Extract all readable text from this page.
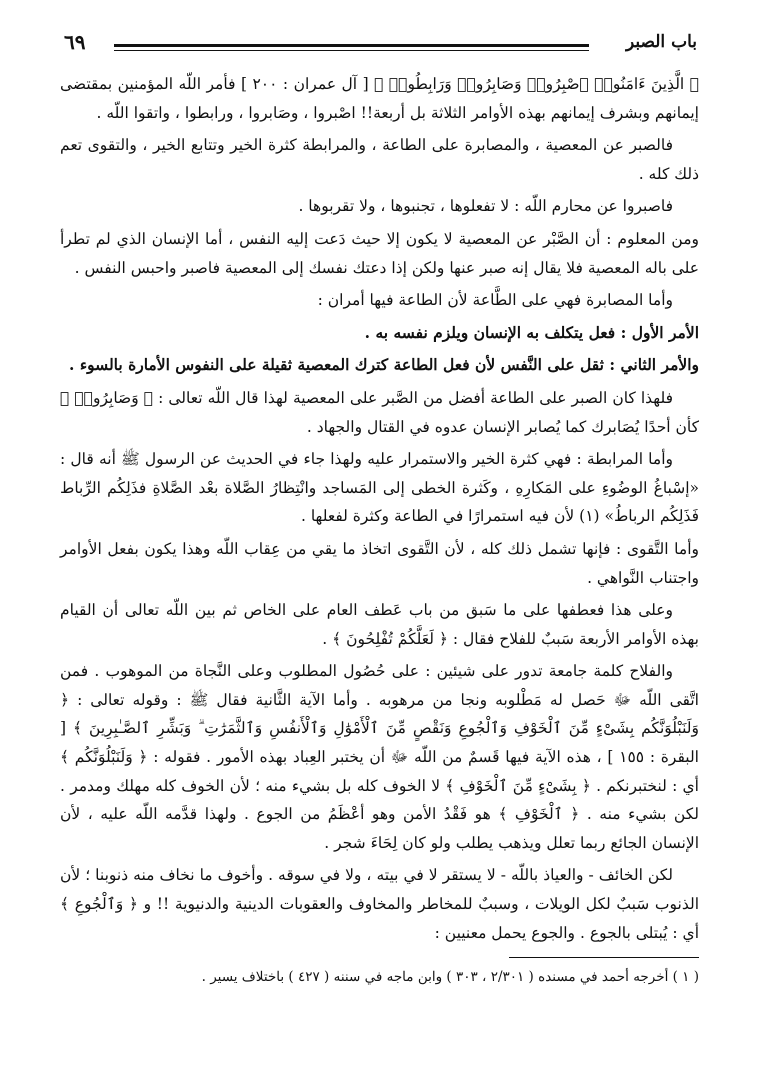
باب الصبر
٦٩

﴿ الَّذِينَ ءَامَنُوا۟ ٱصْبِرُوا۟ وَصَابِرُوا۟ وَرَابِطُوا۟ ﴾ [ آل عمران : ٢٠٠ ] فأمر اللّه المؤمنين بمقتضى إيمانهم وبشرف إيمانهم بهذه الأوامر الثلاثة بل أربعة!! اصْبروا ، وصَابروا ، ورابطوا ، واتقوا اللّه .

فالصبر عن المعصية ، والمصابرة على الطاعة ، والمرابطة كثرة الخير وتتابع الخير ، والتقوى تعم ذلك كله .

فاصبروا عن محارم اللّه : لا تفعلوها ، تجنبوها ، ولا تقربوها .

ومن المعلوم : أن الصَّبْر عن المعصية لا يكون إلا حيث دَعت إليه النفس ، أما الإنسان الذي لم تطرأ على باله المعصية فلا يقال إنه صبر عنها ولكن إذا دعتك نفسك إلى المعصية فاصبر واحبس النفس .

وأما المصابرة فهي على الطَّاعة لأن الطاعة فيها أمران :

الأمر الأول : فعل يتكلف به الإنسان ويلزم نفسه به .

والأمر الثاني : ثقل على النَّفس لأن فعل الطاعة كترك المعصية ثقيلة على النفوس الأمارة بالسوء .

فلهذا كان الصبر على الطاعة أفضل من الصَّبر على المعصية لهذا قال اللّه تعالى : ﴿ وَصَابِرُوا۟ ﴾ كأن أحدًا يُصَابرك كما يُصابر الإنسان عدوه في القتال والجهاد .

وأما المرابطة : فهي كثرة الخير والاستمرار عليه ولهذا جاء في الحديث عن الرسول ﷺ أنه قال : «إسْباغُ الوضُوءِ على المَكارِهِ ، وكَثرة الخطى إلى المَساجد وانْتِظارُ الصَّلاة بعْد الصَّلاةِ فذَلِكُم الرِّباط فَذَلِكُم الرباطُ» (١) لأن فيه استمرارًا في الطاعة وكثرة لفعلها .

وأما التَّقوى : فإنها تشمل ذلك كله ، لأن التَّقوى اتخاذ ما يقي من عِقاب اللّه وهذا يكون بفعل الأوامر واجتناب النَّواهي .

وعلى هذا فعطفها على ما سَبق من باب عَطف العام على الخاص ثم بين اللّه تعالى أن القيام بهذه الأوامر الأربعة سَببٌ للفلاح فقال : ﴿ لَعَلَّكُمْ تُفْلِحُونَ ﴾ .

والفلاح كلمة جامعة تدور على شيئين : على حُصُول المطلوب وعلى النَّجاة من الموهوب . فمن اتَّقى اللّه ﷻ حَصل له مَطْلوبه ونجا من مرهوبه . وأما الآية الثَّانية فقال ﷺ : وقوله تعالى : ﴿ وَلَنَبْلُوَنَّكُم بِشَىْءٍ مِّنَ ٱلْخَوْفِ وَٱلْجُوعِ وَنَقْصٍ مِّنَ ٱلْأَمْوَٰلِ وَٱلْأَنفُسِ وَٱلثَّمَرَٰتِ ۗ وَبَشِّرِ ٱلصَّـٰبِرِينَ ﴾ [ البقرة : ١٥٥ ] ، هذه الآية فيها قَسمٌ من اللّه ﷻ أن يختبر العِباد بهذه الأمور . فقوله : ﴿ وَلَنَبْلُوَنَّكُم ﴾ أي : لنختبرنكم . ﴿ بِشَىْءٍ مِّنَ ٱلْخَوْفِ ﴾ لا الخوف كله بل بشيء منه ؛ لأن الخوف كله مهلك ومدمر . لكن بشيء منه . ﴿ ٱلْخَوْفِ ﴾ هو فَقْدُ الأمن وهو أعْظَمُ من الجوع . ولهذا قدَّمه اللّه عليه ، لأن الإنسان الجائع ربما تعلل ويذهب يطلب ولو كان لِحَاءَ شجر .

لكن الخائف - والعياذ باللّه - لا يستقر لا في بيته ، ولا في سوقه . وأخوف ما نخاف منه ذنوبنا ؛ لأن الذنوب سَببٌ لكل الويلات ، وسببٌ للمخاطر والمخاوف والعقوبات الدينية والدنيوية !! و ﴿ وَٱلْجُوعِ ﴾ أي : يُبتلى بالجوع . والجوع يحمل معنيين :

( ١ ) أخرجه أحمد في مسنده ( ٢/٣٠١ ، ٣٠٣ ) وابن ماجه في سننه ( ٤٢٧ ) باختلاف يسير .
